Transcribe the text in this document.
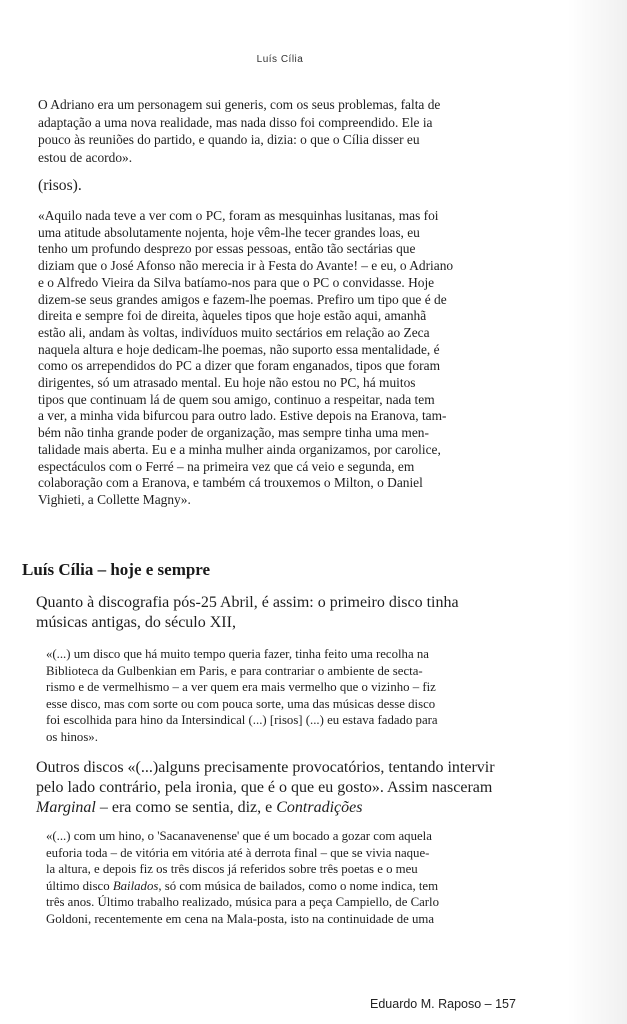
Luís Cília
O Adriano era um personagem sui generis, com os seus problemas, falta de
adaptação a uma nova realidade, mas nada disso foi compreendido. Ele ia
pouco às reuniões do partido, e quando ia, dizia: o que o Cília disser eu
estou de acordo».
(risos).
«Aquilo nada teve a ver com o PC, foram as mesquinhas lusitanas, mas foi
uma atitude absolutamente nojenta, hoje vêm-lhe tecer grandes loas, eu
tenho um profundo desprezo por essas pessoas, então tão sectárias que
diziam que o José Afonso não merecia ir à Festa do Avante! – e eu, o Adriano
e o Alfredo Vieira da Silva batíamo-nos para que o PC o convidasse. Hoje
dizem-se seus grandes amigos e fazem-lhe poemas. Prefiro um tipo que é de
direita e sempre foi de direita, àqueles tipos que hoje estão aqui, amanhã
estão ali, andam às voltas, indivíduos muito sectários em relação ao Zeca
naquela altura e hoje dedicam-lhe poemas, não suporto essa mentalidade, é
como os arrependidos do PC a dizer que foram enganados, tipos que foram
dirigentes, só um atrasado mental. Eu hoje não estou no PC, há muitos
tipos que continuam lá de quem sou amigo, continuo a respeitar, nada tem
a ver, a minha vida bifurcou para outro lado. Estive depois na Eranova, tam-
bém não tinha grande poder de organização, mas sempre tinha uma men-
talidade mais aberta. Eu e a minha mulher ainda organizamos, por carolice,
espectáculos com o Ferré – na primeira vez que cá veio e segunda, em
colaboração com a Eranova, e também cá trouxemos o Milton, o Daniel
Vighieti, a Collette Magny».
Luís Cília – hoje e sempre
Quanto à discografia pós-25 Abril, é assim: o primeiro disco tinha
músicas antigas, do século XII,
«(...) um disco que há muito tempo queria fazer, tinha feito uma recolha na
Biblioteca da Gulbenkian em Paris, e para contrariar o ambiente de secta-
rismo e de vermelhismo – a ver quem era mais vermelho que o vizinho – fiz
esse disco, mas com sorte ou com pouca sorte, uma das músicas desse disco
foi escolhida para hino da Intersindical (...) [risos] (...) eu estava fadado para
os hinos».
Outros discos «(...)alguns precisamente provocatórios, tentando intervir
pelo lado contrário, pela ironia, que é o que eu gosto». Assim nasceram
Marginal – era como se sentia, diz, e Contradições
«(...) com um hino, o 'Sacanavenense' que é um bocado a gozar com aquela
euforia toda – de vitória em vitória até à derrota final – que se vivia naque-
la altura, e depois fiz os três discos já referidos sobre três poetas e o meu
último disco Bailados, só com música de bailados, como o nome indica, tem
três anos. Último trabalho realizado, música para a peça Campiello, de Carlo
Goldoni, recentemente em cena na Mala-posta, isto na continuidade de uma
Eduardo M. Raposo – 157
